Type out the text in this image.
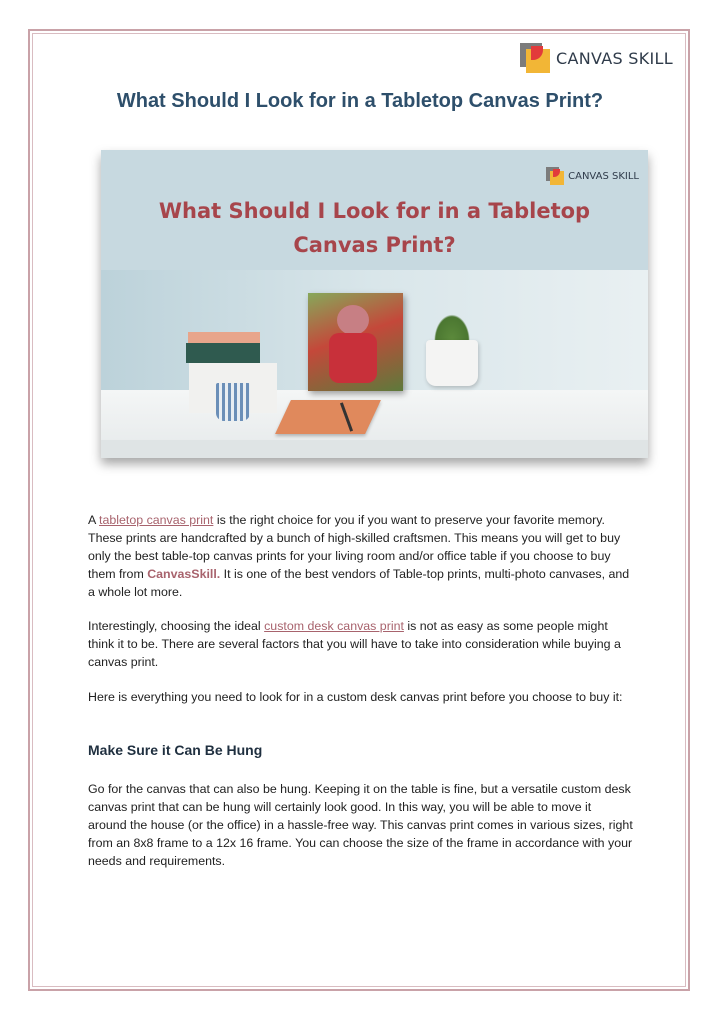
CANVAS SKILL
What Should I Look for in a Tabletop Canvas Print?
CANVAS SKILL
What Should I Look for in a Tabletop
Canvas Print?

A tabletop canvas print is the right choice for you if you want to preserve your favorite memory. These prints are handcrafted by a bunch of high-skilled craftsmen. This means you will get to buy only the best table-top canvas prints for your living room and/or office table if you choose to buy them from CanvasSkill. It is one of the best vendors of Table-top prints, multi-photo canvases, and a whole lot more.

Interestingly, choosing the ideal custom desk canvas print is not as easy as some people might think it to be. There are several factors that you will have to take into consideration while buying a canvas print.

Here is everything you need to look for in a custom desk canvas print before you choose to buy it:

Make Sure it Can Be Hung

Go for the canvas that can also be hung. Keeping it on the table is fine, but a versatile custom desk canvas print that can be hung will certainly look good. In this way, you will be able to move it around the house (or the office) in a hassle-free way. This canvas print comes in various sizes, right from an 8x8 frame to a 12x 16 frame. You can choose the size of the frame in accordance with your needs and requirements.
